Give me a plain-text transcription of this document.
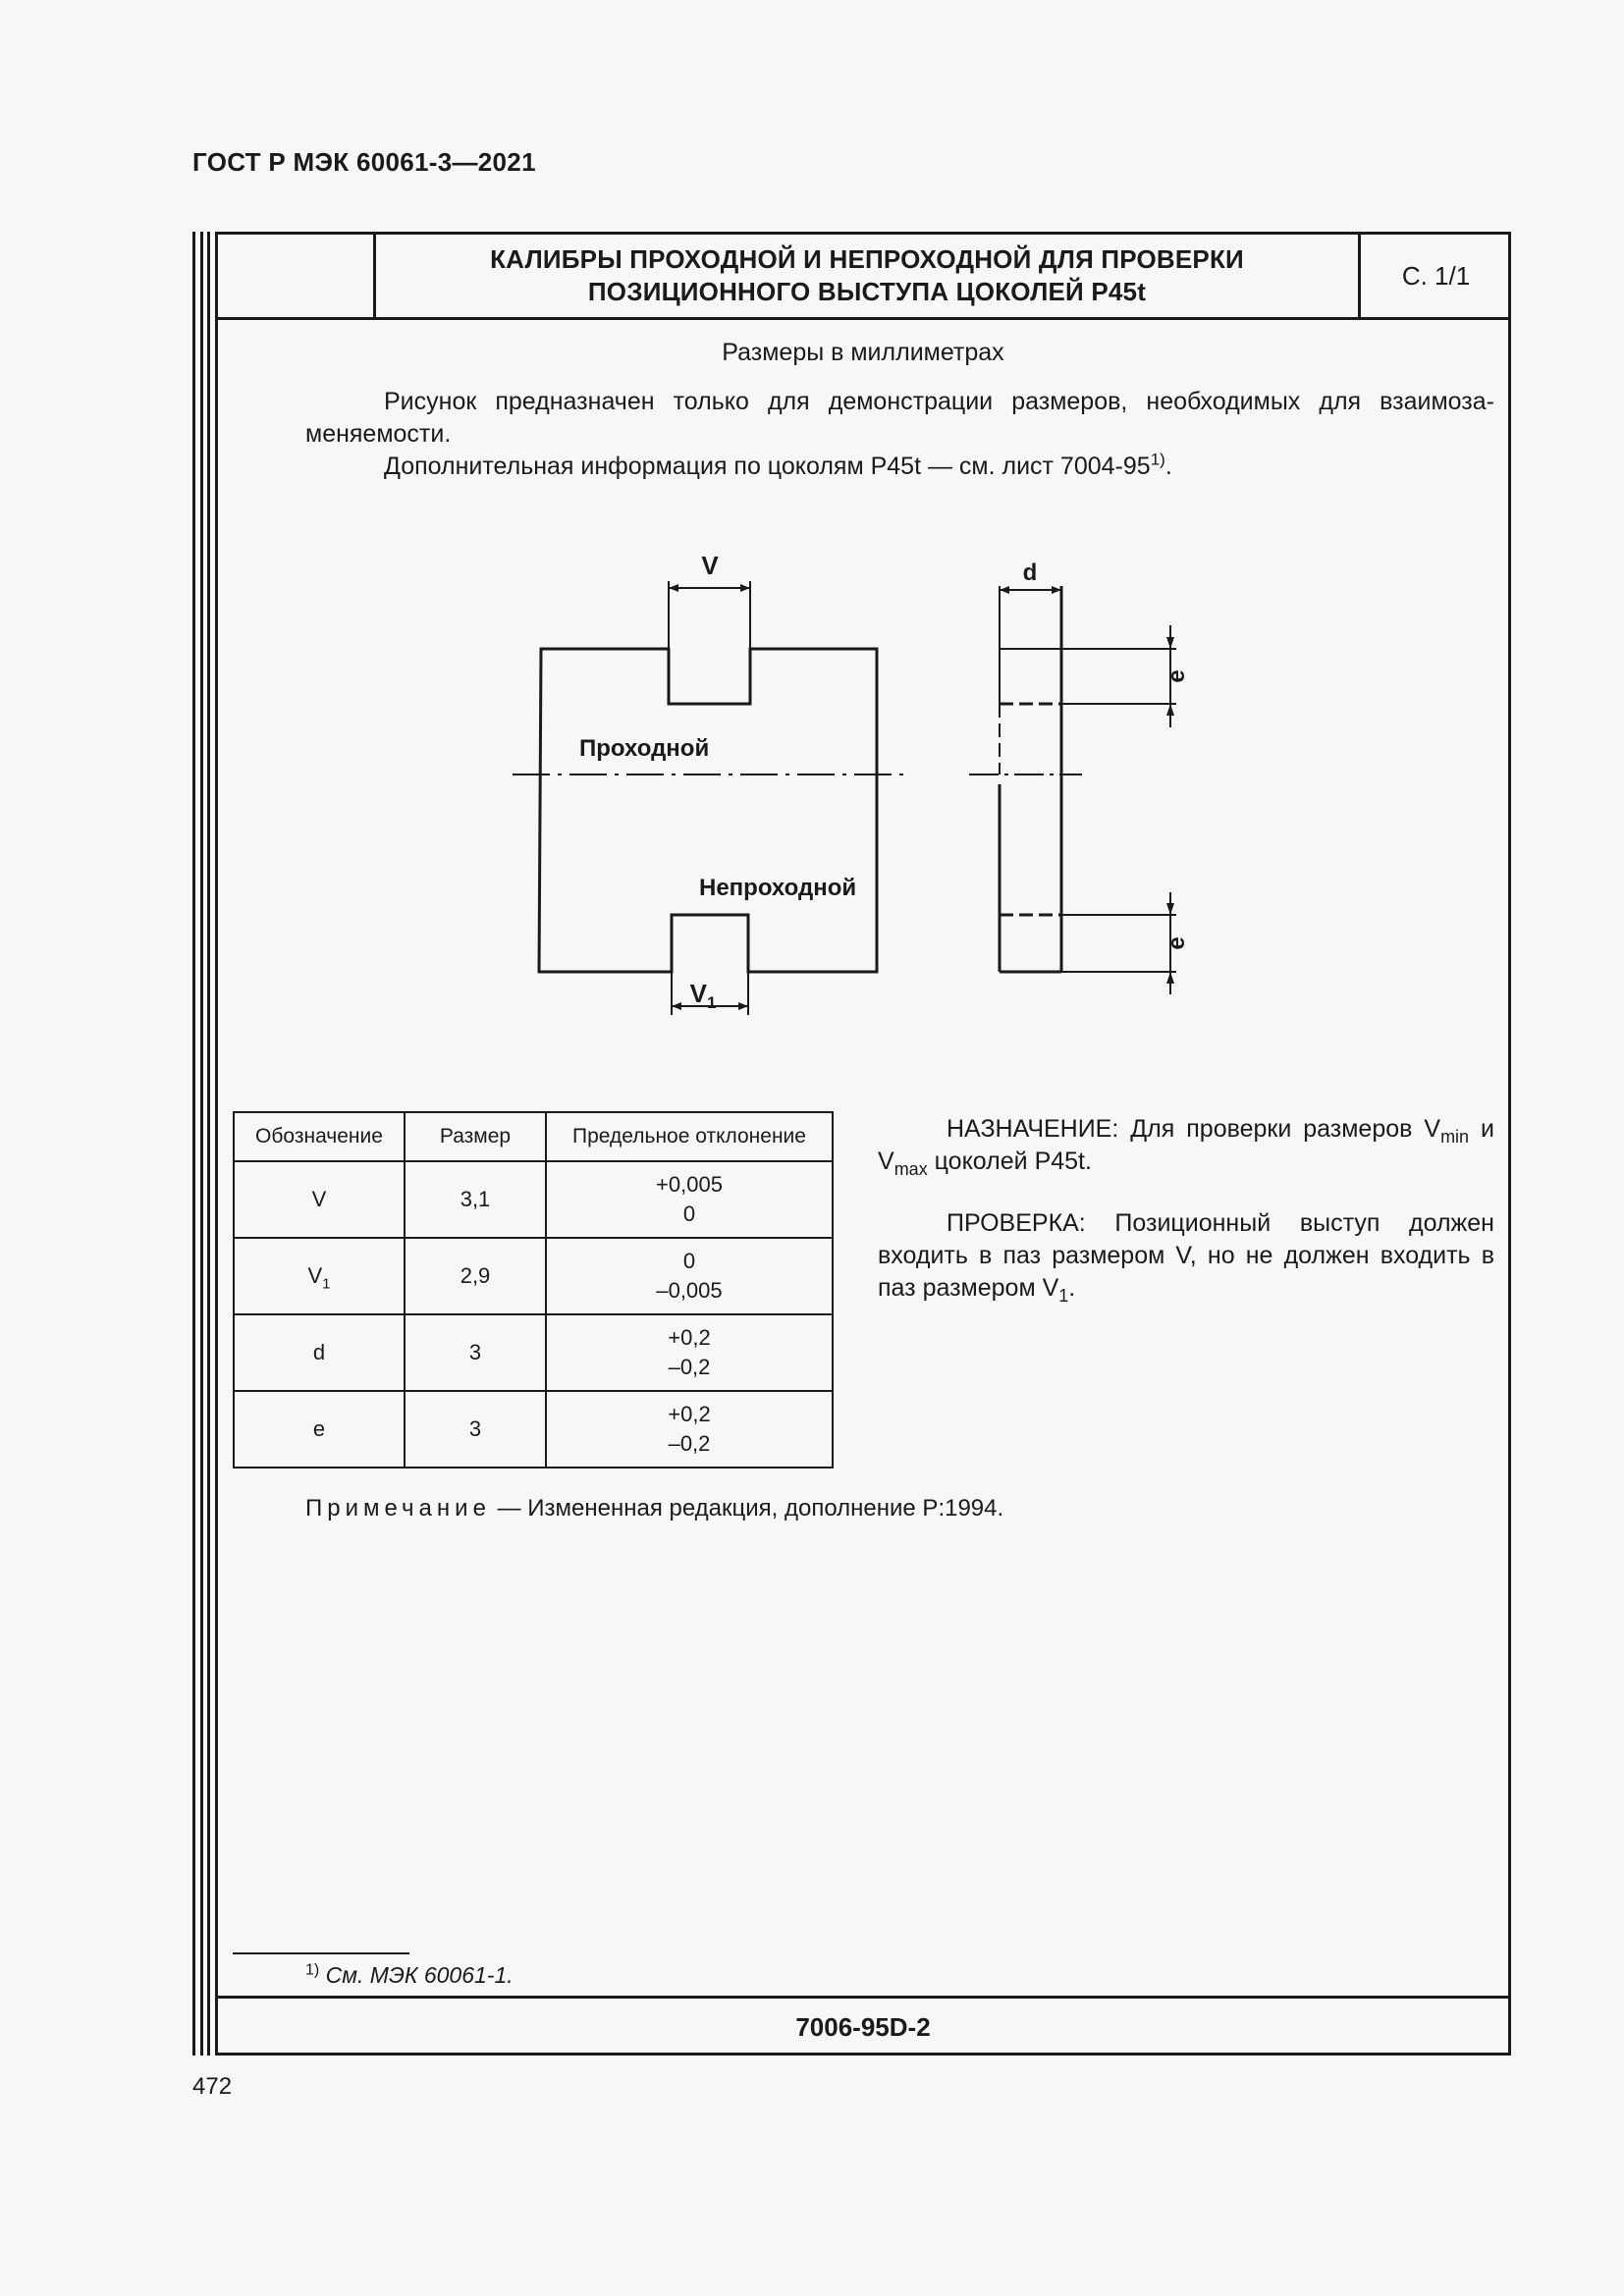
ГОСТ Р МЭК 60061-3—2021
КАЛИБРЫ ПРОХОДНОЙ И НЕПРОХОДНОЙ ДЛЯ ПРОВЕРКИ
ПОЗИЦИОННОГО ВЫСТУПА ЦОКОЛЕЙ P45t
С. 1/1
Размеры в миллиметрах
Рисунок предназначен только для демонстрации размеров, необходимых для взаимоза-меняемости.
Дополнительная информация по цоколям P45t — см. лист 7004-95$^{1)}$.
V
$V_1$
d
e
e
Проходной
Непроходной
Обозначение	Размер	Предельное отклонение
V	3,1	+0,005
0

$V_1$	2,9	0
–0,005

d	3	+0,2
–0,2

e	3	+0,2
–0,2

НАЗНАЧЕНИЕ: Для проверки размеров $V_{min}$ и $V_{max}$ цоколей P45t.

ПРОВЕРКА: Позиционный выступ должен входить в паз размером V, но не должен входить в паз размером $V_1$.

Примечание — Измененная редакция, дополнение P:1994.
$^{1)}$ См. МЭК 60061-1.
7006-95D-2
472
